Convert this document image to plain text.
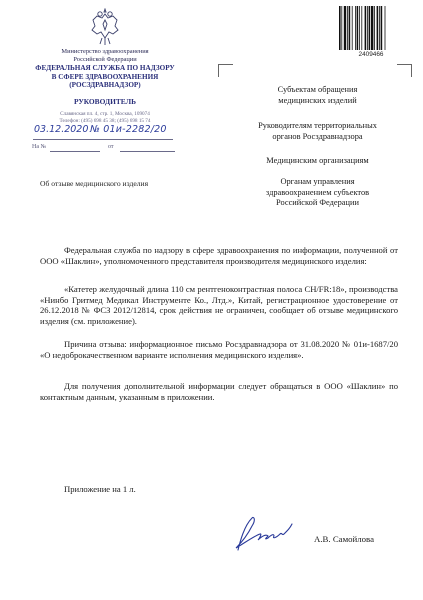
Министерство здравоохранения
Российской Федерации
ФЕДЕРАЛЬНАЯ СЛУЖБА ПО НАДЗОРУ
В СФЕРЕ ЗДРАВООХРАНЕНИЯ
(РОСЗДРАВНАДЗОР)
РУКОВОДИТЕЛЬ
Славянская пл. 4, стр. 1, Москва, 109074
Телефон: (495) 698 45 38; (495) 698 15 74
03.12.2020 № 01и-2282/20
На №	от
Об отзыве медицинского изделия
2409466
Субъектам обращения
медицинских изделий
Руководителям территориальных
органов Росздравнадзора
Медицинским организациям
Органам управления
здравоохранением субъектов
Российской Федерации
Федеральная служба по надзору в сфере здравоохранения по информации, полученной от ООО «Шаклин», уполномоченного представителя производителя медицинского изделия:
«Катетер желудочный длина 110 см рентгеноконтрастная полоса CH/FR:18», производства «Нинбо Гритмед Медикал Инструменте Ко., Лтд.», Китай, регистрационное удостоверение от 26.12.2018 № ФСЗ 2012/12814, срок действия не ограничен, сообщает об отзыве медицинского изделия (см. приложение).
Причина отзыва: информационное письмо Росздравнадзора от 31.08.2020 № 01и-1687/20 «О недоброкачественном варианте исполнения медицинского изделия».
Для получения дополнительной информации следует обращаться в ООО «Шаклин» по контактным данным, указанным в приложении.
Приложение на 1 л.
А.В. Самойлова
